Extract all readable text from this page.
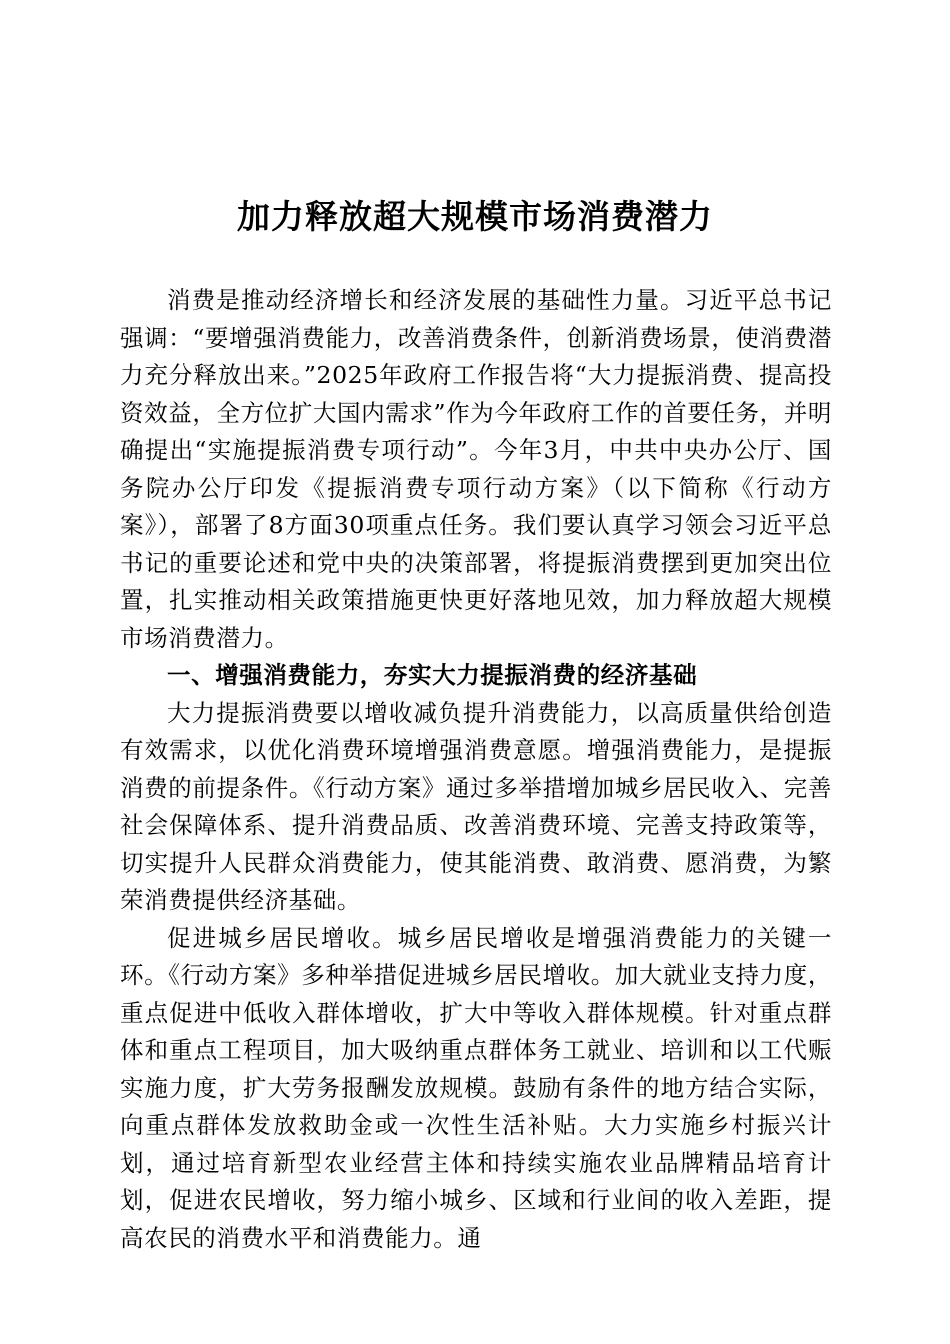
加力释放超大规模市场消费潜力

消费是推动经济增长和经济发展的基础性力量。习近平总书记强调：“要增强消费能力，改善消费条件，创新消费场景，使消费潜力充分释放出来。”2025年政府工作报告将“大力提振消费、提高投资效益，全方位扩大国内需求”作为今年政府工作的首要任务，并明确提出“实施提振消费专项行动”。今年3月，中共中央办公厅、国务院办公厅印发《提振消费专项行动方案》（以下简称《行动方案》），部署了8方面30项重点任务。我们要认真学习领会习近平总书记的重要论述和党中央的决策部署，将提振消费摆到更加突出位置，扎实推动相关政策措施更快更好落地见效，加力释放超大规模市场消费潜力。

一、增强消费能力，夯实大力提振消费的经济基础

大力提振消费要以增收减负提升消费能力，以高质量供给创造有效需求，以优化消费环境增强消费意愿。增强消费能力，是提振消费的前提条件。《行动方案》通过多举措增加城乡居民收入、完善社会保障体系、提升消费品质、改善消费环境、完善支持政策等，切实提升人民群众消费能力，使其能消费、敢消费、愿消费，为繁荣消费提供经济基础。

促进城乡居民增收。城乡居民增收是增强消费能力的关键一环。《行动方案》多种举措促进城乡居民增收。加大就业支持力度，重点促进中低收入群体增收，扩大中等收入群体规模。针对重点群体和重点工程项目，加大吸纳重点群体务工就业、培训和以工代赈实施力度，扩大劳务报酬发放规模。鼓励有条件的地方结合实际，向重点群体发放救助金或一次性生活补贴。大力实施乡村振兴计划，通过培育新型农业经营主体和持续实施农业品牌精品培育计划，促进农民增收，努力缩小城乡、区域和行业间的收入差距，提高农民的消费水平和消费能力。通
